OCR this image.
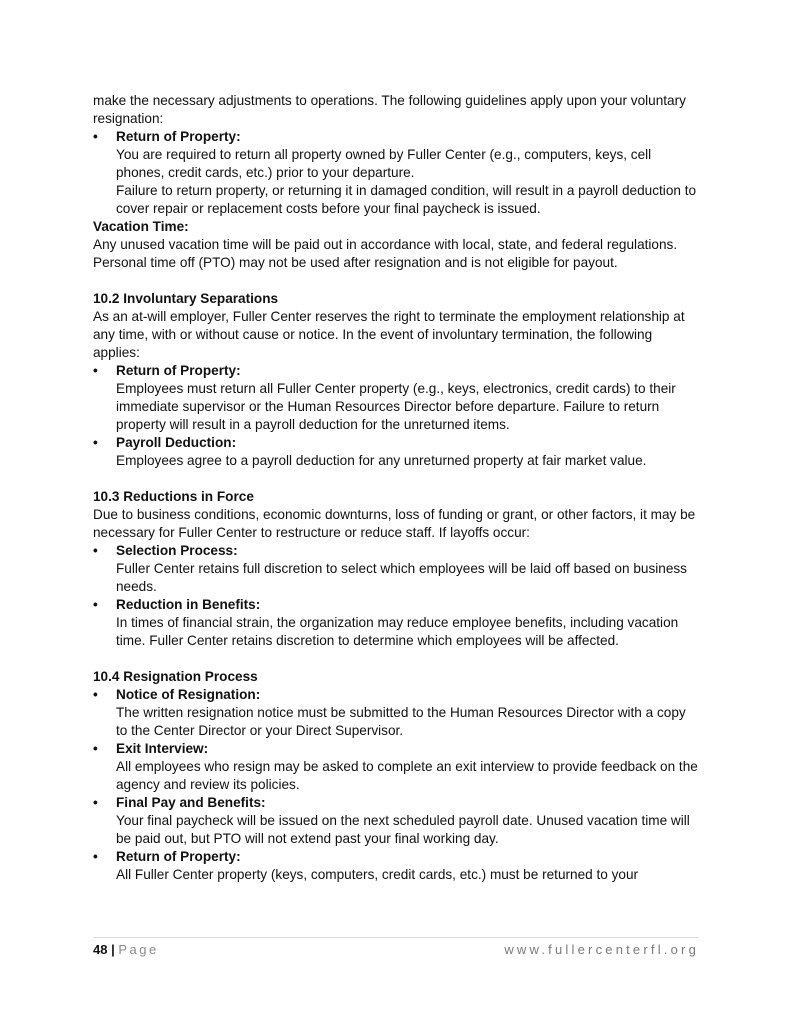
make the necessary adjustments to operations. The following guidelines apply upon your voluntary resignation:

• Return of Property:
You are required to return all property owned by Fuller Center (e.g., computers, keys, cell phones, credit cards, etc.) prior to your departure.
Failure to return property, or returning it in damaged condition, will result in a payroll deduction to cover repair or replacement costs before your final paycheck is issued.

Vacation Time:

Any unused vacation time will be paid out in accordance with local, state, and federal regulations. Personal time off (PTO) may not be used after resignation and is not eligible for payout.

10.2 Involuntary Separations

As an at-will employer, Fuller Center reserves the right to terminate the employment relationship at any time, with or without cause or notice. In the event of involuntary termination, the following applies:

• Return of Property:
Employees must return all Fuller Center property (e.g., keys, electronics, credit cards) to their immediate supervisor or the Human Resources Director before departure. Failure to return property will result in a payroll deduction for the unreturned items.
• Payroll Deduction:
Employees agree to a payroll deduction for any unreturned property at fair market value.

10.3 Reductions in Force

Due to business conditions, economic downturns, loss of funding or grant, or other factors, it may be necessary for Fuller Center to restructure or reduce staff. If layoffs occur:

• Selection Process:
Fuller Center retains full discretion to select which employees will be laid off based on business needs.
• Reduction in Benefits:
In times of financial strain, the organization may reduce employee benefits, including vacation time. Fuller Center retains discretion to determine which employees will be affected.

10.4 Resignation Process

• Notice of Resignation:
The written resignation notice must be submitted to the Human Resources Director with a copy to the Center Director or your Direct Supervisor.
• Exit Interview:
All employees who resign may be asked to complete an exit interview to provide feedback on the agency and review its policies.
• Final Pay and Benefits:
Your final paycheck will be issued on the next scheduled payroll date. Unused vacation time will be paid out, but PTO will not extend past your final working day.
• Return of Property:
All Fuller Center property (keys, computers, credit cards, etc.) must be returned to your
48 | Page	www.fullercenterfl.org
